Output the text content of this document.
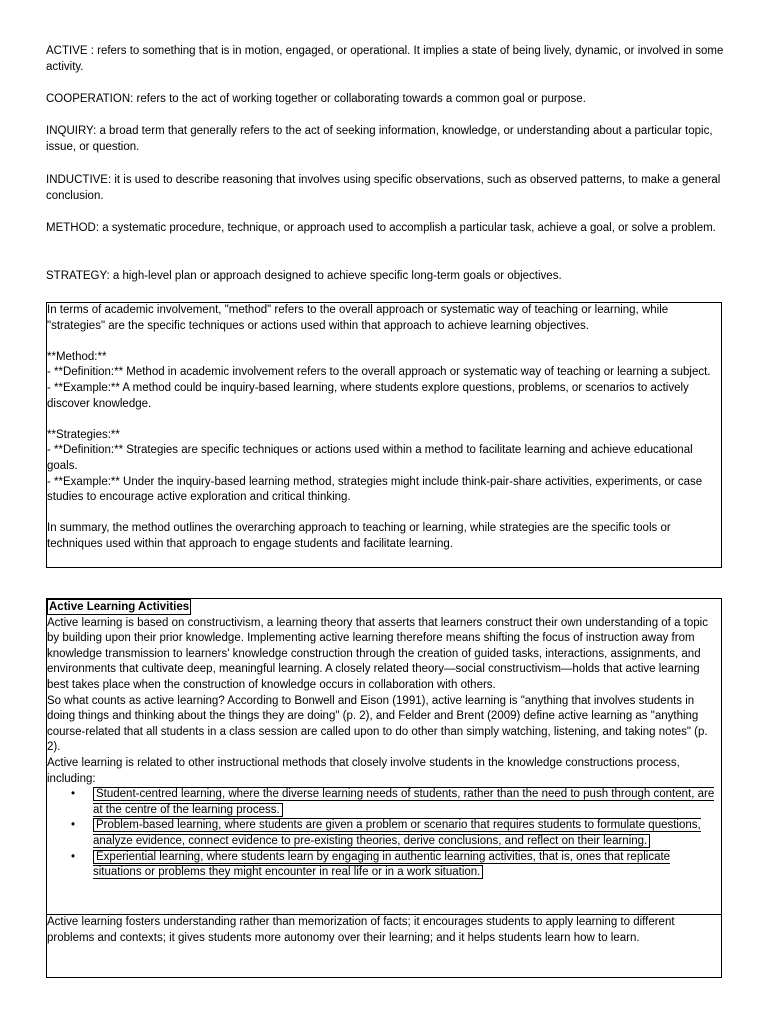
ACTIVE : refers to something that is in motion, engaged, or operational. It implies a state of being lively, dynamic, or involved in some activity.

COOPERATION: refers to the act of working together or collaborating towards a common goal or purpose.

INQUIRY: a broad term that generally refers to the act of seeking information, knowledge, or understanding about a particular topic, issue, or question.

INDUCTIVE: it is used to describe reasoning that involves using specific observations, such as observed patterns, to make a general conclusion.

METHOD: a systematic procedure, technique, or approach used to accomplish a particular task, achieve a goal, or solve a problem.

STRATEGY: a high-level plan or approach designed to achieve specific long-term goals or objectives.

In terms of academic involvement, "method" refers to the overall approach or systematic way of teaching or learning, while "strategies" are the specific techniques or actions used within that approach to achieve learning objectives.

**Method:**

- **Definition:** Method in academic involvement refers to the overall approach or systematic way of teaching or learning a subject.

- **Example:** A method could be inquiry-based learning, where students explore questions, problems, or scenarios to actively discover knowledge.

**Strategies:**

- **Definition:** Strategies are specific techniques or actions used within a method to facilitate learning and achieve educational goals.

- **Example:** Under the inquiry-based learning method, strategies might include think-pair-share activities, experiments, or case studies to encourage active exploration and critical thinking.

In summary, the method outlines the overarching approach to teaching or learning, while strategies are the specific tools or techniques used within that approach to engage students and facilitate learning.

Active Learning Activities

Active learning is based on constructivism, a learning theory that asserts that learners construct their own understanding of a topic by building upon their prior knowledge. Implementing active learning therefore means shifting the focus of instruction away from knowledge transmission to learners' knowledge construction through the creation of guided tasks, interactions, assignments, and environments that cultivate deep, meaningful learning. A closely related theory—social constructivism—holds that active learning best takes place when the construction of knowledge occurs in collaboration with others.

So what counts as active learning? According to Bonwell and Eison (1991), active learning is "anything that involves students in doing things and thinking about the things they are doing" (p. 2), and Felder and Brent (2009) define active learning as "anything course-related that all students in a class session are called upon to do other than simply watching, listening, and taking notes" (p. 2).

Active learning is related to other instructional methods that closely involve students in the knowledge constructions process, including:

• Student-centred learning, where the diverse learning needs of students, rather than the need to push through content, are at the centre of the learning process.
• Problem-based learning, where students are given a problem or scenario that requires students to formulate questions, analyze evidence, connect evidence to pre-existing theories, derive conclusions, and reflect on their learning.
• Experiential learning, where students learn by engaging in authentic learning activities, that is, ones that replicate situations or problems they might encounter in real life or in a work situation.

Active learning fosters understanding rather than memorization of facts; it encourages students to apply learning to different problems and contexts; it gives students more autonomy over their learning; and it helps students learn how to learn.
